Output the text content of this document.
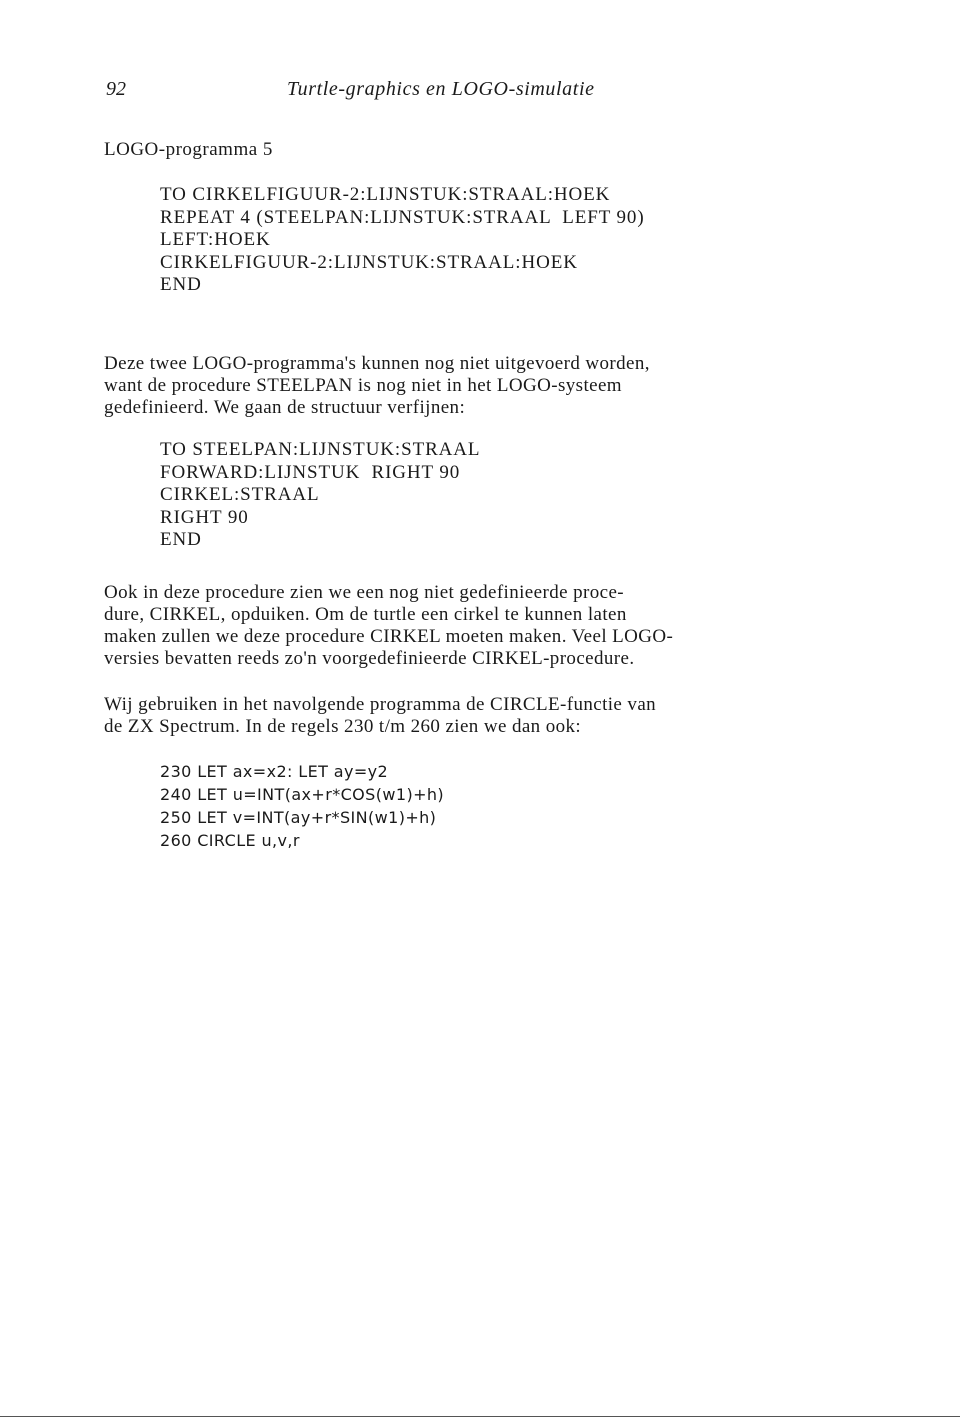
92	Turtle-graphics en LOGO-simulatie
LOGO-programma 5
TO CIRKELFIGUUR-2:LIJNSTUK:STRAAL:HOEK
REPEAT 4 (STEELPAN:LIJNSTUK:STRAAL  LEFT 90)
LEFT:HOEK
CIRKELFIGUUR-2:LIJNSTUK:STRAAL:HOEK
END
Deze twee LOGO-programma's kunnen nog niet uitgevoerd worden,
want de procedure STEELPAN is nog niet in het LOGO-systeem
gedefinieerd. We gaan de structuur verfijnen:
TO STEELPAN:LIJNSTUK:STRAAL
FORWARD:LIJNSTUK  RIGHT 90
CIRKEL:STRAAL
RIGHT 90
END
Ook in deze procedure zien we een nog niet gedefinieerde proce-
dure, CIRKEL, opduiken. Om de turtle een cirkel te kunnen laten
maken zullen we deze procedure CIRKEL moeten maken. Veel LOGO-
versies bevatten reeds zo'n voorgedefinieerde CIRKEL-procedure.
Wij gebruiken in het navolgende programma de CIRCLE-functie van
de ZX Spectrum. In de regels 230 t/m 260 zien we dan ook:
230 LET ax=x2: LET ay=y2
240 LET u=INT(ax+r*COS(w1)+h)
250 LET v=INT(ay+r*SIN(w1)+h)
260 CIRCLE u,v,r
